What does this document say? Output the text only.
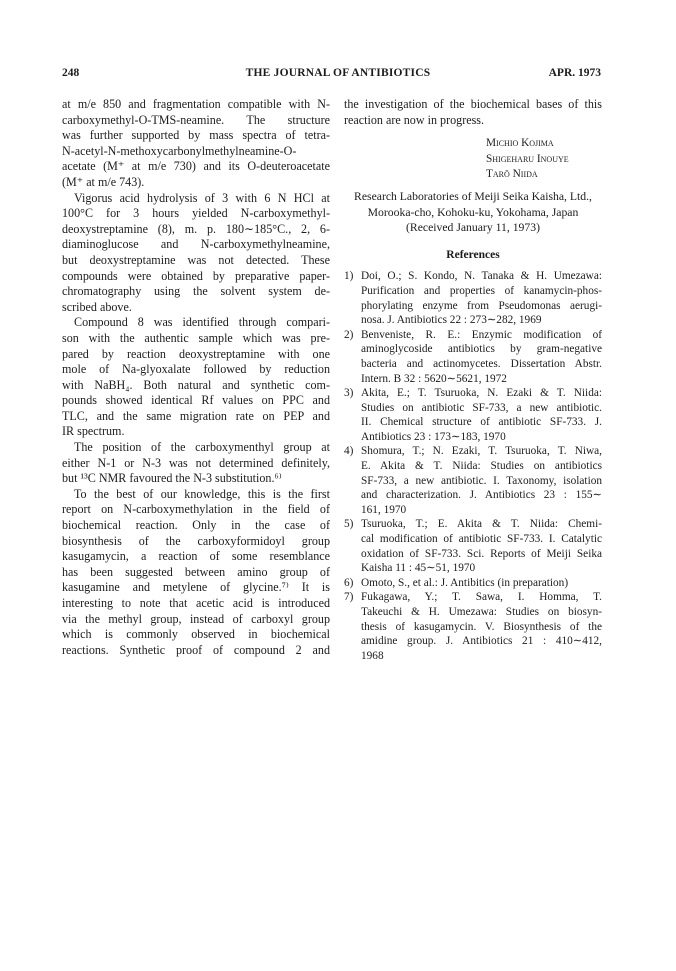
248	THE JOURNAL OF ANTIBIOTICS	APR. 1973
at m/e 850 and fragmentation compatible with N-
carboxymethyl-O-TMS-neamine. The structure
was further supported by mass spectra of tetra-
N-acetyl-N-methoxycarbonylmethylneamine-O-
acetate (M⁺ at m/e 730) and its O-deuteroacetate
(M⁺ at m/e 743).
Vigorus acid hydrolysis of 3 with 6 N HCl at
100°C for 3 hours yielded N-carboxymethyl-
deoxystreptamine (8), m. p. 180∼185°C., 2, 6-
diaminoglucose and N-carboxymethylneamine,
but deoxystreptamine was not detected. These
compounds were obtained by preparative paper-
chromatography using the solvent system de-
scribed above.
Compound 8 was identified through compari-
son with the authentic sample which was pre-
pared by reaction deoxystreptamine with one
mole of Na-glyoxalate followed by reduction
with NaBH₄. Both natural and synthetic com-
pounds showed identical Rf values on PPC and
TLC, and the same migration rate on PEP and
IR spectrum.
The position of the carboxymenthyl group at
either N-1 or N-3 was not determined definitely,
but ¹³C NMR favoured the N-3 substitution.⁶⁾
To the best of our knowledge, this is the first
report on N-carboxymethylation in the field of
biochemical reaction. Only in the case of
biosynthesis of the carboxyformidoyl group
kasugamycin, a reaction of some resemblance
has been suggested between amino group of
kasugamine and metylene of glycine.⁷⁾ It is
interesting to note that acetic acid is introduced
via the methyl group, instead of carboxyl group
which is commonly observed in biochemical
reactions. Synthetic proof of compound 2 and
the investigation of the biochemical bases of this
reaction are now in progress.
Michio Kojima
Shigeharu Inouye
Tarō Niida
Research Laboratories of Meiji Seika Kaisha, Ltd.,
Morooka-cho, Kohoku-ku, Yokohama, Japan
(Received January 11, 1973)
References
1) Doi, O.; S. Kondo, N. Tanaka & H. Umezawa:
Purification and properties of kanamycin-phos-
phorylating enzyme from Pseudomonas aerugi-
nosa. J. Antibiotics 22 : 273∼282, 1969
2) Benveniste, R. E.: Enzymic modification of
aminoglycoside antibiotics by gram-negative
bacteria and actinomycetes. Dissertation Abstr.
Intern. B 32 : 5620∼5621, 1972
3) Akita, E.; T. Tsuruoka, N. Ezaki & T. Niida:
Studies on antibiotic SF-733, a new antibiotic.
II. Chemical structure of antibiotic SF-733. J.
Antibiotics 23 : 173∼183, 1970
4) Shomura, T.; N. Ezaki, T. Tsuruoka, T. Niwa,
E. Akita & T. Niida: Studies on antibiotics
SF-733, a new antibiotic. I. Taxonomy, isolation
and characterization. J. Antibiotics 23 : 155∼
161, 1970
5) Tsuruoka, T.; E. Akita & T. Niida: Chemi-
cal modification of antibiotic SF-733. I. Catalytic
oxidation of SF-733. Sci. Reports of Meiji Seika
Kaisha 11 : 45∼51, 1970
6) Omoto, S., et al.: J. Antibitics (in preparation)
7) Fukagawa, Y.; T. Sawa, I. Homma, T.
Takeuchi & H. Umezawa: Studies on biosyn-
thesis of kasugamycin. V. Biosynthesis of the
amidine group. J. Antibiotics 21 : 410∼412,
1968
